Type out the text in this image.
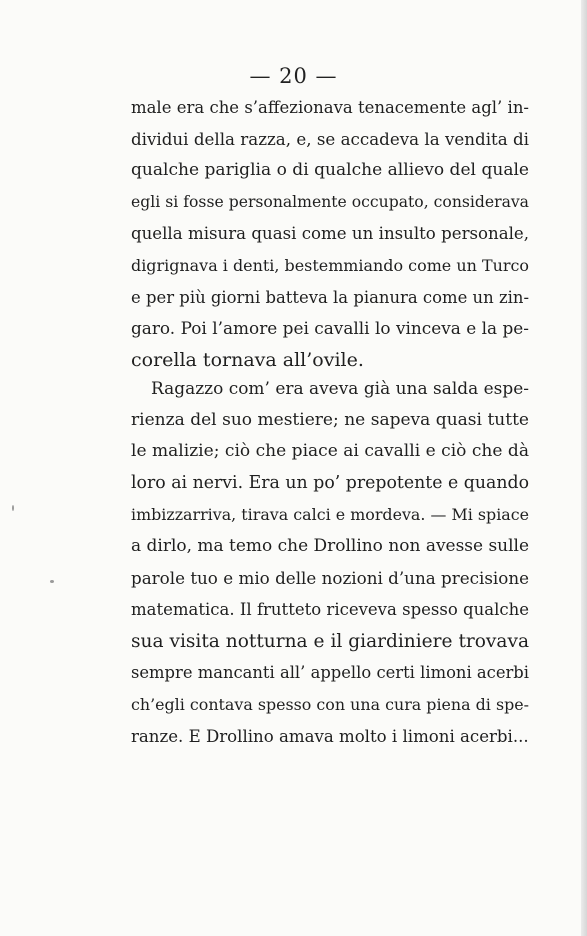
— 20 —
male era che s’affezionava tenacemente agl’ in-
dividui della razza, e, se accadeva la vendita di
qualche pariglia o di qualche allievo del quale
egli si fosse personalmente occupato, considerava
quella misura quasi come un insulto personale,
digrignava i denti, bestemmiando come un Turco
e per più giorni batteva la pianura come un zin-
garo. Poi l’amore pei cavalli lo vinceva e la pe-
corella tornava all’ovile.
Ragazzo com’ era aveva già una salda espe-
rienza del suo mestiere; ne sapeva quasi tutte
le malizie; ciò che piace ai cavalli e ciò che dà
loro ai nervi. Era un po’ prepotente e quando
imbizzarriva, tirava calci e mordeva. — Mi spiace
a dirlo, ma temo che Drollino non avesse sulle
parole tuo e mio delle nozioni d’una precisione
matematica. Il frutteto riceveva spesso qualche
sua visita notturna e il giardiniere trovava
sempre mancanti all’ appello certi limoni acerbi
ch’egli contava spesso con una cura piena di spe-
ranze. E Drollino amava molto i limoni acerbi...
